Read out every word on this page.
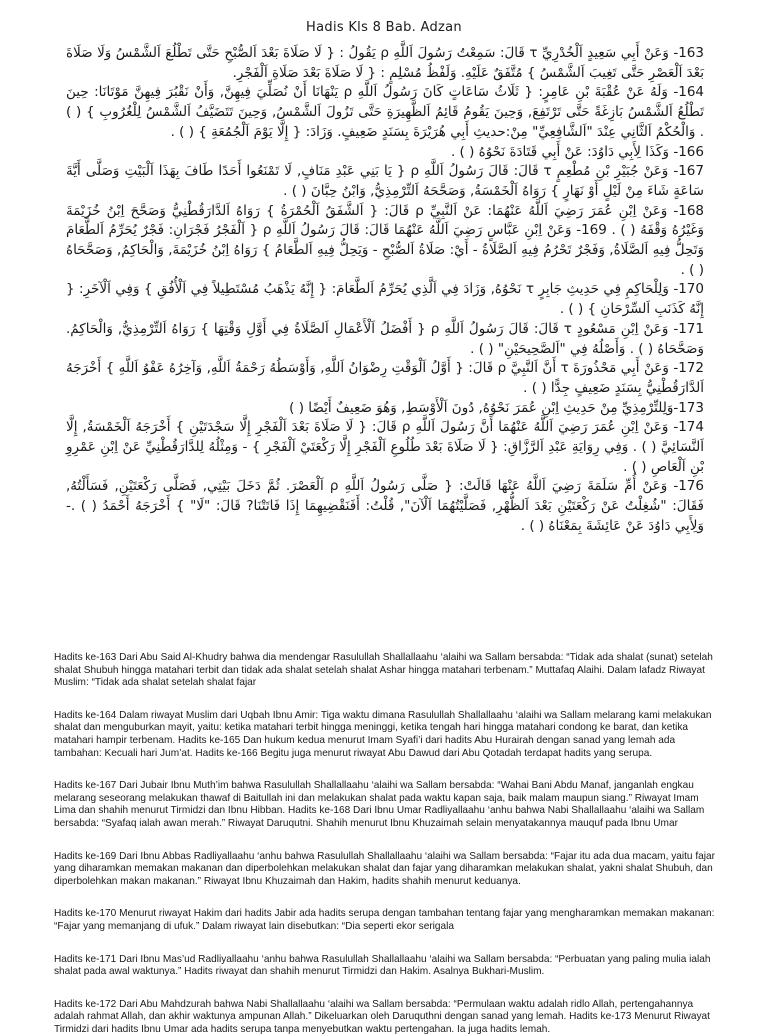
Hadis Kls 8 Bab. Adzan

163- وَعَنْ أَبِي سَعِيدٍ اَلْخُدْرِيِّ τ قَالَ: سَمِعْتُ رَسُولَ اَللَّهِ ρ يَقُولُ : { لَا صَلَاةَ بَعْدَ اَلصُّبْحِ حَتَّى تَطْلُعَ اَلشَّمْسُ وَلَا صَلَاةَ بَعْدَ اَلْعَصْرِ حَتَّى تَغِيبَ اَلشَّمْسُ } مُتَّفَقٌ عَلَيْهِ. وَلَفْظُ مُسْلِمٍ : { لَا صَلَاةَ بَعْدَ صَلَاةِ اَلْفَجْرِ.

164- وَلَهُ عَنْ عُقْبَةَ بْنِ عَامِرٍ: { ثَلَاثُ سَاعَاتٍ كَانَ رَسُولُ اَللَّهِ ρ يَنْهَانَا أَنْ نُصَلِّيَ فِيهِنَّ, وَأَنْ نَقْبُرَ فِيهِنَّ مَوْتَانَا: حِينَ تَطْلُعُ اَلشَّمْسُ بَازِغَةً حَتَّى تَرْتَفِعَ, وَحِينَ يَقُومُ قَائِمُ اَلظَّهِيرَةِ حَتَّى تَزُولَ اَلشَّمْسُ, وَحِينَ تَتَضَيَّفُ اَلشَّمْسُ لِلْغُرُوبِ } ( ) . وَالْحُكْمُ اَلثَّانِي عِنْدَ "اَلشَّافِعِيِّ" مِنْ:حديثِ أَبِي هُرَيْرَةَ بِسَنَدٍ ضَعِيفٍ. وَزَادَ: { إِلَّا يَوْمَ اَلْجُمُعَةِ } ( ) .

166- وَكَذَا لِأَبِي دَاوُدَ: عَنْ أَبِي قَتَادَةَ نَحْوُهُ ( ) .

167- وَعَنْ جُبَيْرِ بْنِ مُطْعِمٍ τ قَالَ: قَالَ رَسُولُ اَللَّهِ ρ { يَا بَنِي عَبْدِ مَنَافٍ, لَا تَمْنَعُوا أَحَدًا طَافَ بِهَذَا اَلْبَيْتِ وَصَلَّى أَيَّةَ سَاعَةٍ شَاءَ مِنْ لَيْلٍ أَوْ نَهَارٍ } رَوَاهُ اَلْخَمْسَةُ, وَصَحَّحَهُ اَلتِّرْمِذِيُّ, وَابْنُ حِبَّانَ ( ) .

168- وَعَنْ اِبْنِ عُمَرَ رَضِيَ اَللَّهُ عَنْهُمَا: عَنْ اَلنَّبِيِّ ρ قَالَ: { اَلشَّفَقُ اَلْحُمْرَةُ } رَوَاهُ اَلدَّارَقُطْنِيُّ وَصَحَّحَ اِبْنُ خُزَيْمَةَ وَغَيْرُهُ وَقْفَهُ ( ) . 169- وَعَنْ اِبْنِ عَبَّاسٍ رَضِيَ اَللَّهُ عَنْهُمَا قَالَ: قَالَ رَسُولُ اَللَّهِ ρ { اَلْفَجْرُ فَجْرَانِ: فَجْرٌ يُحَرِّمُ اَلطَّعَامَ وَتَحِلُّ فِيهِ اَلصَّلَاةُ, وَفَجْرٌ تَحْرُمُ فِيهِ اَلصَّلَاةُ - أَيْ: صَلَاةُ اَلصُّبْحِ - وَيَحِلُّ فِيهِ اَلطَّعَامُ } رَوَاهُ اِبْنُ خُزَيْمَةَ, وَالْحَاكِمُ, وَصَحَّحَاهُ ( ) .

170- وَلِلْحَاكِمِ فِي حَدِيثِ جَابِرٍ τ نَحْوُهُ, وَزَادَ فِي اَلَّذِي يُحَرِّمُ اَلطَّعَامَ: { إِنَّهُ يَذْهَبُ مُسْتَطِيلاً فِي اَلْأُفُقِ } وَفِي اَلْآخَرِ: { إِنَّهُ كَذَنَبِ اَلسِّرْحَانِ } ( ) .

171- وَعَنْ اِبْنِ مَسْعُودٍ τ قَالَ: قَالَ رَسُولُ اَللَّهِ ρ { أَفْضَلُ اَلْأَعْمَالِ اَلصَّلَاةُ فِي أَوَّلِ وَقْتِهَا } رَوَاهُ اَلتِّرْمِذِيُّ, وَالْحَاكِمُ. وَصَحَّحَاهُ ( ) . وَأَصْلُهُ فِي "اَلصَّحِيحَيْنِ" ( ) .

172- وَعَنْ أَبِي مَحْذُورَةَ τ أَنَّ اَلنَّبِيَّ ρ قَالَ: { أَوَّلُ اَلْوَقْتِ رِضْوَانُ اَللَّهِ, وَأَوْسَطُهُ رَحْمَةُ اَللَّهِ, وَآخِرُهُ عَفْوُ اَللَّهِ } أَخْرَجَهُ اَلدَّارَقُطْنِيُّ بِسَنَدٍ ضَعِيفٍ جِدًّا ( ) .

173-وَلِلتِّرْمِذِيِّ مِنْ حَدِيثِ اِبْنِ عُمَرَ نَحْوُهُ, دُونَ اَلْأَوْسَطِ, وَهُوَ ضَعِيفٌ أَيْضًا ( )

174- وَعَنْ اِبْنِ عُمَرَ رَضِيَ اَللَّهُ عَنْهُمَا أَنَّ رَسُولَ اَللَّهِ ρ قَالَ: { لَا صَلَاةَ بَعْدَ اَلْفَجْرِ إِلَّا سَجْدَتَيْنِ } أَخْرَجَهُ اَلْخَمْسَةُ, إِلَّا اَلنَّسَائِيَّ ( ) . وَفِي رِوَايَةِ عَبْدِ اَلرَّزَّاقِ: { لَا صَلَاةَ بَعْدَ طُلُوعِ اَلْفَجْرِ إِلَّا رَكْعَتَيْ اَلْفَجْرِ } - وَمِثْلُهُ لِلدَّارَقُطْنِيِّ عَنْ اِبْنِ عَمْرِوِ بْنِ اَلْعَاصِ ( ) .

176- وَعَنْ أُمِّ سَلَمَةَ رَضِيَ اَللَّهُ عَنْهَا قَالَتْ: { صَلَّى رَسُولُ اَللَّهِ ρ اَلْعَصْرَ. ثُمَّ دَخَلَ بَيْتِي, فَصَلَّى رَكْعَتَيْنِ, فَسَأَلْتُهُ, فَقَالَ: "شُغِلْتُ عَنْ رَكْعَتَيْنِ بَعْدَ اَلظُّهْرِ, فَصَلَّيْتُهُمَا اَلْآنَ", قُلْتُ: أَفَنَقْضِيهِمَا إِذَا فَاتَتْنَا? قَالَ: "لَا" } أَخْرَجَهُ أَحْمَدُ ( ) .- وَلِأَبِي دَاوُدَ عَنْ عَائِشَةَ بِمَعْنَاهُ ( ) .

Hadits ke-163 Dari Abu Said Al-Khudry bahwa dia mendengar Rasulullah Shallallaahu ‘alaihi wa Sallam bersabda: “Tidak ada shalat (sunat) setelah shalat Shubuh hingga matahari terbit dan tidak ada shalat setelah shalat Ashar hingga matahari terbenam.” Muttafaq Alaihi. Dalam lafadz Riwayat Muslim: “Tidak ada shalat setelah shalat fajar

Hadits ke-164 Dalam riwayat Muslim dari Uqbah Ibnu Amir: Tiga waktu dimana Rasulullah Shallallaahu ‘alaihi wa Sallam melarang kami melakukan shalat dan menguburkan mayit, yaitu: ketika matahari terbit hingga meninggi, ketika tengah hari hingga matahari condong ke barat, dan ketika matahari hampir terbenam. Hadits ke-165 Dan hukum kedua menurut Imam Syafi’i dari hadits Abu Hurairah dengan sanad yang lemah ada tambahan: Kecuali hari Jum’at. Hadits ke-166 Begitu juga menurut riwayat Abu Dawud dari Abu Qotadah terdapat hadits yang serupa.

Hadits ke-167 Dari Jubair Ibnu Muth’im bahwa Rasulullah Shallallaahu ‘alaihi wa Sallam bersabda: “Wahai Bani Abdu Manaf, janganlah engkau melarang seseorang melakukan thawaf di Baitullah ini dan melakukan shalat pada waktu kapan saja, baik malam maupun siang.” Riwayat Imam Lima dan shahih menurut Tirmidzi dan Ibnu Hibban. Hadits ke-168 Dari Ibnu Umar Radliyallaahu ‘anhu bahwa Nabi Shallallaahu ‘alaihi wa Sallam bersabda: “Syafaq ialah awan merah.” Riwayat Daruqutni. Shahih menurut Ibnu Khuzaimah selain menyatakannya mauquf pada Ibnu Umar

Hadits ke-169 Dari Ibnu Abbas Radliyallaahu ‘anhu bahwa Rasulullah Shallallaahu ‘alaihi wa Sallam bersabda: “Fajar itu ada dua macam, yaitu fajar yang diharamkan memakan makanan dan diperbolehkan melakukan shalat dan fajar yang diharamkan melakukan shalat, yakni shalat Shubuh, dan diperbolehkan makan makanan.” Riwayat Ibnu Khuzaimah dan Hakim, hadits shahih menurut keduanya.

Hadits ke-170 Menurut riwayat Hakim dari hadits Jabir ada hadits serupa dengan tambahan tentang fajar yang mengharamkan memakan makanan: “Fajar yang memanjang di ufuk.” Dalam riwayat lain disebutkan: “Dia seperti ekor serigala

Hadits ke-171 Dari Ibnu Mas’ud Radliyallaahu ‘anhu bahwa Rasulullah Shallallaahu ‘alaihi wa Sallam bersabda: “Perbuatan yang paling mulia ialah shalat pada awal waktunya.” Hadits riwayat dan shahih menurut Tirmidzi dan Hakim. Asalnya Bukhari-Muslim.

Hadits ke-172 Dari Abu Mahdzurah bahwa Nabi Shallallaahu ‘alaihi wa Sallam bersabda: “Permulaan waktu adalah ridlo Allah, pertengahannya adalah rahmat Allah, dan akhir waktunya ampunan Allah.” Dikeluarkan oleh Daruquthni dengan sanad yang lemah. Hadits ke-173 Menurut Riwayat Tirmidzi dari hadits Ibnu Umar ada hadits serupa tanpa menyebutkan waktu pertengahan. Ia juga hadits lemah.
